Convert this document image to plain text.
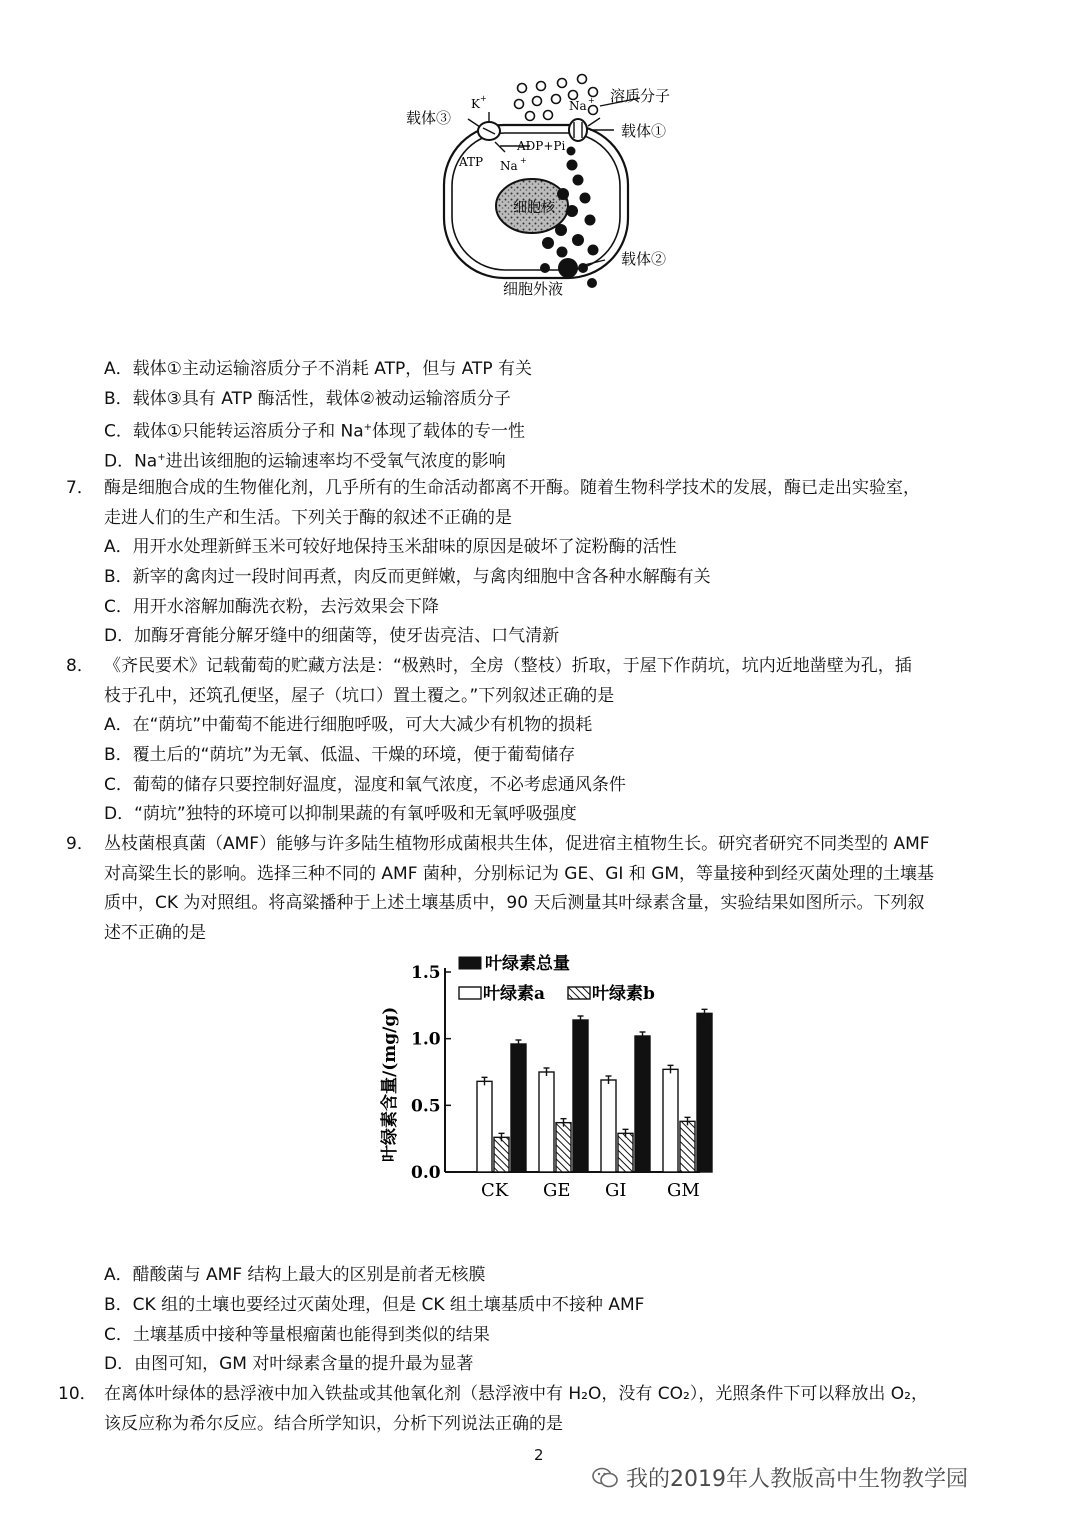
细胞核
溶质分子
载体③
载体①
载体②
K +
Na +
ADP+Pi
ATP Na +
细胞外液
A．载体①主动运输溶质分子不消耗 ATP，但与 ATP 有关
B．载体③具有 ATP 酶活性，载体②被动运输溶质分子
C．载体①只能转运溶质分子和 Na+体现了载体的专一性
D．Na+进出该细胞的运输速率均不受氧气浓度的影响
7． 酶是细胞合成的生物催化剂，几乎所有的生命活动都离不开酶。随着生物科学技术的发展，酶已走出实验室，
走进人们的生产和生活。下列关于酶的叙述不正确的是
A．用开水处理新鲜玉米可较好地保持玉米甜味的原因是破坏了淀粉酶的活性
B．新宰的禽肉过一段时间再煮，肉反而更鲜嫩，与禽肉细胞中含各种水解酶有关
C．用开水溶解加酶洗衣粉，去污效果会下降
D．加酶牙膏能分解牙缝中的细菌等，使牙齿亮洁、口气清新
8． 《齐民要术》记载葡萄的贮藏方法是：“极熟时，全房（整枝）折取，于屋下作荫坑，坑内近地凿壁为孔，插
枝于孔中，还筑孔便坚，屋子（坑口）置土覆之。”下列叙述正确的是
A．在“荫坑”中葡萄不能进行细胞呼吸，可大大减少有机物的损耗
B．覆土后的“荫坑”为无氧、低温、干燥的环境，便于葡萄储存
C．葡萄的储存只要控制好温度，湿度和氧气浓度，不必考虑通风条件
D．“荫坑”独特的环境可以抑制果蔬的有氧呼吸和无氧呼吸强度
9． 丛枝菌根真菌（AMF）能够与许多陆生植物形成菌根共生体，促进宿主植物生长。研究者研究不同类型的 AMF
对高粱生长的影响。选择三种不同的 AMF 菌种，分别标记为 GE、GI 和 GM，等量接种到经灭菌处理的土壤基
质中，CK 为对照组。将高粱播种于上述土壤基质中，90 天后测量其叶绿素含量，实验结果如图所示。下列叙
述不正确的是
0.0
0.5
1.0
1.5
叶绿素含量/(mg/g)
CK GE GI GM
叶绿素总量
叶绿素a	叶绿素b
A．醋酸菌与 AMF 结构上最大的区别是前者无核膜
B．CK 组的土壤也要经过灭菌处理，但是 CK 组土壤基质中不接种 AMF
C．土壤基质中接种等量根瘤菌也能得到类似的结果
D．由图可知，GM 对叶绿素含量的提升最为显著
10． 在离体叶绿体的悬浮液中加入铁盐或其他氧化剂（悬浮液中有 H₂O，没有 CO₂），光照条件下可以释放出 O₂，
该反应称为希尔反应。结合所学知识，分析下列说法正确的是
2
我的2019年人教版高中生物教学园
